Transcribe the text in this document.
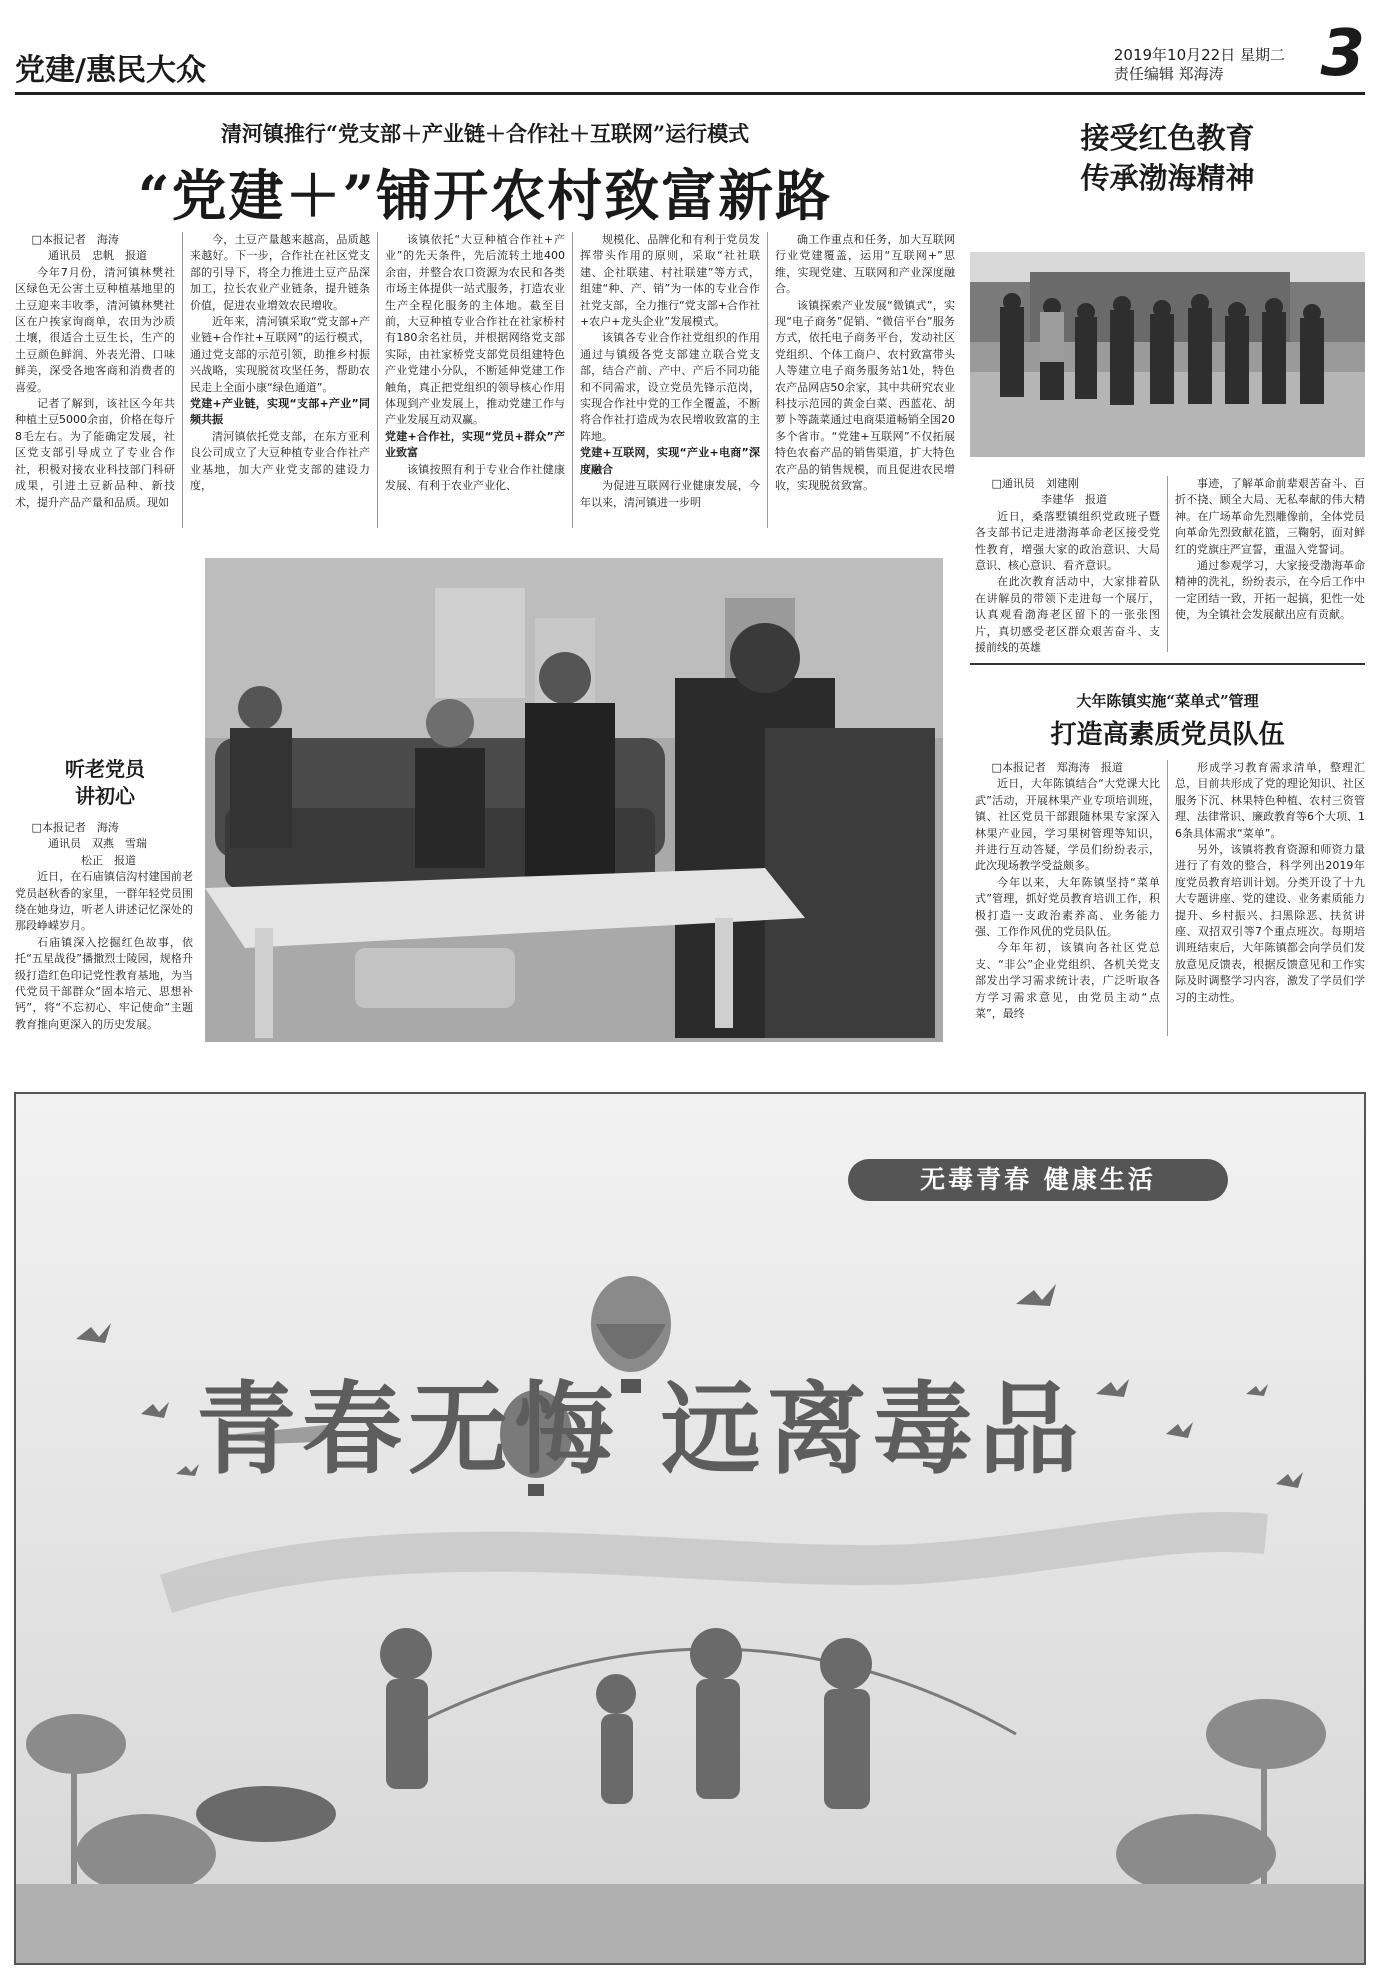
党建/惠民大众	2019年10月22日 星期二
责任编辑 郑海涛	3
清河镇推行“党支部＋产业链＋合作社＋互联网”运行模式
“党建＋”铺开农村致富新路

□本报记者　海涛

通讯员　忠帆　报道

今年7月份，清河镇林樊社区绿色无公害土豆种植基地里的土豆迎来丰收季，清河镇林樊社区在户挨家询商单，农田为沙质土壤，很适合土豆生长，生产的土豆颜色鲜润、外表光滑、口味鲜美，深受各地客商和消费者的喜爱。

记者了解到，该社区今年共种植土豆5000余亩，价格在每斤8毛左右。为了能确定发展，社区党支部引导成立了专业合作社，积极对接农业科技部门科研成果，引进土豆新品种、新技术，提升产品产量和品质。现如

今，土豆产量越来越高，品质越来越好。下一步，合作社在社区党支部的引导下，将全力推进土豆产品深加工，拉长农业产业链条，提升链条价值，促进农业增效农民增收。

近年来，清河镇采取“党支部+产业链+合作社+互联网”的运行模式，通过党支部的示范引领，助推乡村振兴战略，实现脱贫攻坚任务，帮助农民走上全面小康“绿色通道”。

党建+产业链，实现“支部+产业”同频共振

清河镇依托党支部，在东方亚利良公司成立了大豆种植专业合作社产业基地，加大产业党支部的建设力度，

该镇依托“大豆种植合作社+产业”的先天条件，先后流转土地400余亩，并整合农口资源为农民和各类市场主体提供一站式服务，打造农业生产全程化服务的主体地。截至目前，大豆种植专业合作社在社家桥村有180余名社员，并根据网络党支部实际，由社家桥党支部党员组建特色产业党建小分队，不断延伸党建工作触角，真正把党组织的领导核心作用体现到产业发展上，推动党建工作与产业发展互动双赢。

党建+合作社，实现“党员+群众”产业致富

该镇按照有利于专业合作社健康发展、有利于农业产业化、

规模化、品牌化和有利于党员发挥带头作用的原则，采取“社社联建、企社联建、村社联建”等方式，组建“种、产、销”为一体的专业合作社党支部，全力推行“党支部+合作社+农户+龙头企业”发展模式。

该镇各专业合作社党组织的作用通过与镇级各党支部建立联合党支部，结合产前、产中、产后不同功能和不同需求，设立党员先锋示范岗，实现合作社中党的工作全覆盖，不断将合作社打造成为农民增收致富的主阵地。

党建+互联网，实现“产业+电商”深度融合

为促进互联网行业健康发展，今年以来，清河镇进一步明

确工作重点和任务，加大互联网行业党建覆盖，运用“互联网+”思维，实现党建、互联网和产业深度融合。

该镇探索产业发展“微镇式”，实现“电子商务”促销、“微信平台”服务方式，依托电子商务平台，发动社区党组织、个体工商户、农村致富带头人等建立电子商务服务站1处，特色农产品网店50余家，其中共研究农业科技示范园的黄金白菜、西蓝花、胡萝卜等蔬菜通过电商渠道畅销全国20多个省市。“党建+互联网”不仅拓展特色农畜产品的销售渠道，扩大特色农产品的销售规模，而且促进农民增收，实现脱贫致富。

接受红色教育
传承渤海精神

□通讯员　刘建刚

李建华　报道

近日，桑落墅镇组织党政班子暨各支部书记走进渤海革命老区接受党性教育，增强大家的政治意识、大局意识、核心意识、看齐意识。

在此次教育活动中，大家排着队在讲解员的带领下走进每一个展厅，认真观看渤海老区留下的一张张图片，真切感受老区群众艰苦奋斗、支援前线的英雄

事迹，了解革命前辈艰苦奋斗、百折不挠、顾全大局、无私奉献的伟大精神。在广场革命先烈雕像前，全体党员向革命先烈致献花篮，三鞠躬，面对鲜红的党旗庄严宣誓，重温入党誓词。

通过参观学习，大家接受渤海革命精神的洗礼，纷纷表示，在今后工作中一定团结一致，开拓一起搞，犯性一处使，为全镇社会发展献出应有贡献。

听老党员
讲初心

□本报记者　海涛

通讯员　双燕　雪瑞

松正　报道

近日，在石庙镇信沟村建国前老党员赵秋香的家里，一群年轻党员围绕在她身边，听老人讲述记忆深处的那段峥嵘岁月。

石庙镇深入挖掘红色故事，依托“五星战役”播撒烈士陵园，规格升级打造红色印记党性教育基地，为当代党员干部群众“固本培元、思想补钙”，将“不忘初心、牢记使命”主题教育推向更深入的历史发展。

大年陈镇实施“菜单式”管理
打造高素质党员队伍

□本报记者　郑海涛　报道

近日，大年陈镇结合“大党课大比武”活动，开展林果产业专项培训班，镇、社区党员干部跟随林果专家深入林果产业园，学习果树管理等知识，并进行互动答疑，学员们纷纷表示，此次现场教学受益颇多。

今年以来，大年陈镇坚持“菜单式”管理，抓好党员教育培训工作，积极打造一支政治素养高、业务能力强、工作作风优的党员队伍。

今年年初，该镇向各社区党总支、“非公”企业党组织、各机关党支部发出学习需求统计表，广泛听取各方学习需求意见，由党员主动“点菜”，最终

形成学习教育需求清单，整理汇总，目前共形成了党的理论知识、社区服务下沉、林果特色种植、农村三资管理、法律常识、廉政教育等6个大项、16条具体需求“菜单”。

另外，该镇将教育资源和师资力量进行了有效的整合，科学列出2019年度党员教育培训计划。分类开设了十九大专题讲座、党的建设、业务素质能力提升、乡村振兴、扫黑除恶、扶贫讲座、双招双引等7个重点班次。每期培训班结束后，大年陈镇都会向学员们发放意见反馈表，根据反馈意见和工作实际及时调整学习内容，激发了学员们学习的主动性。

无毒青春 健康生活
青春无悔 远离毒品
